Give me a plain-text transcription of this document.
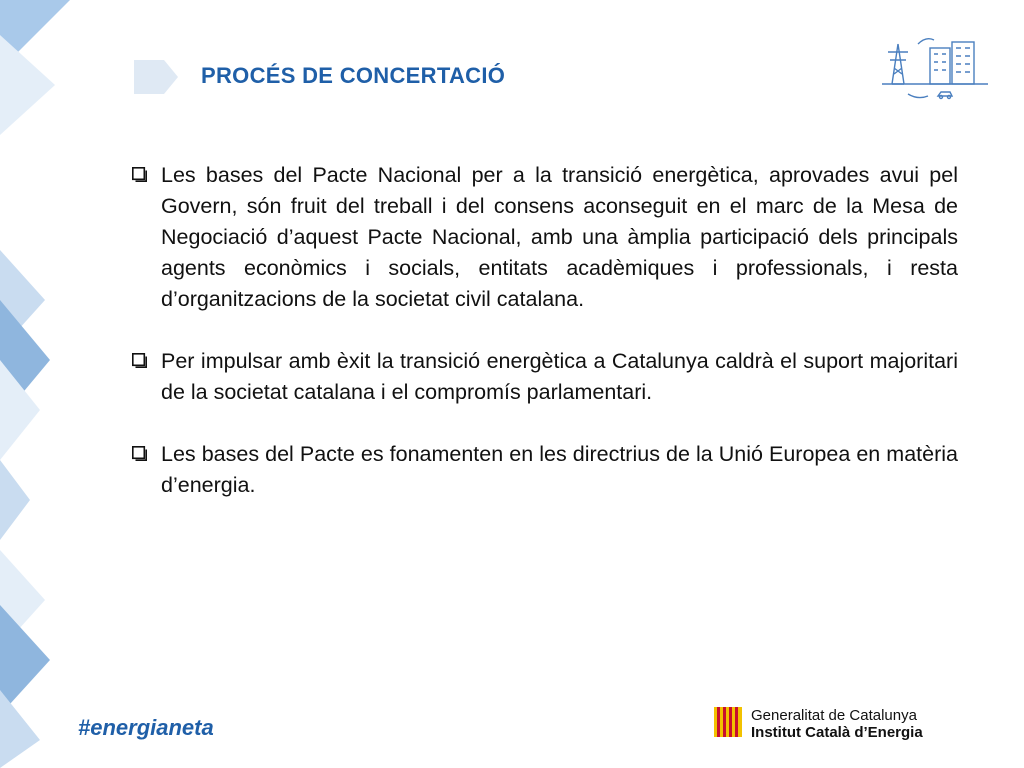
PROCÉS DE CONCERTACIÓ
Les bases del Pacte Nacional per a la transició energètica, aprovades avui pel Govern, són fruit del treball i del consens aconseguit en el marc de la Mesa de Negociació d’aquest Pacte Nacional, amb una àmplia participació dels principals agents econòmics i socials, entitats acadèmiques i professionals, i resta d’organitzacions de la societat civil catalana.
Per impulsar amb èxit la transició energètica a Catalunya caldrà el suport majoritari de la societat catalana i el compromís parlamentari.
Les bases del Pacte es fonamenten en les directrius de la Unió Europea en matèria d’energia.
#energianeta	Generalitat de Catalunya
Institut Català d’Energia
